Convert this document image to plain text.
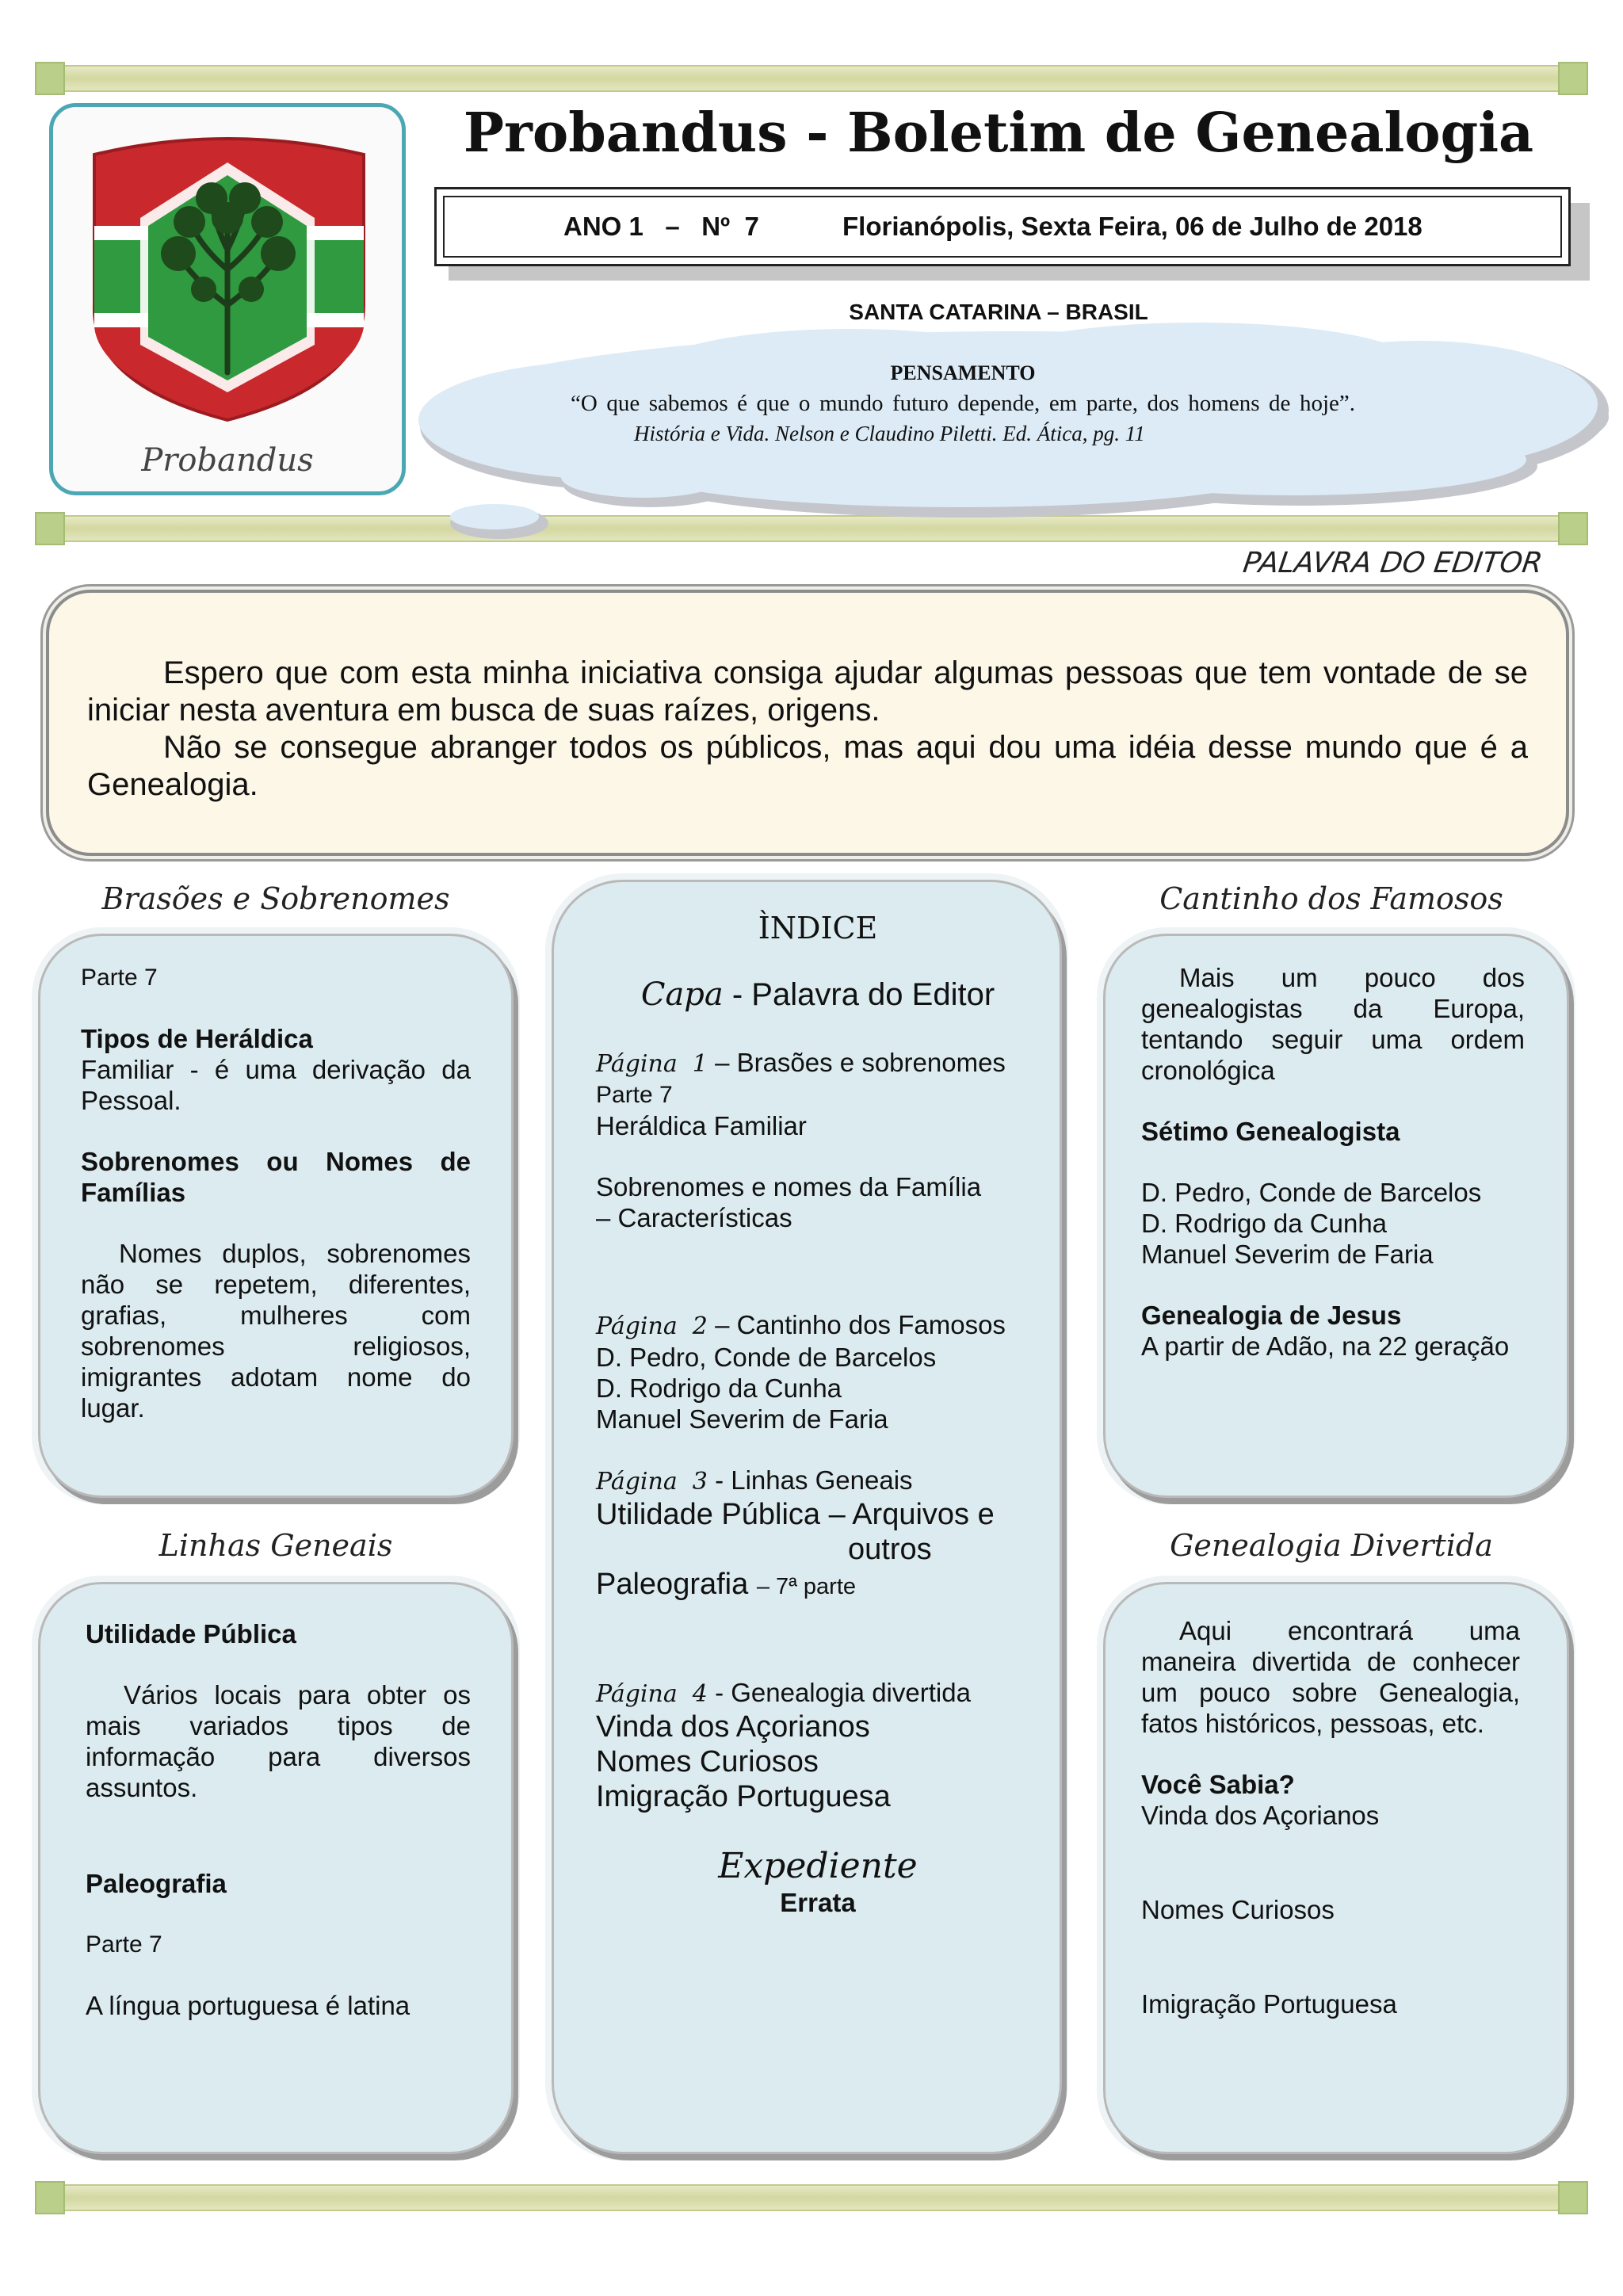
Probandus
Probandus - Boletim de Genealogia
ANO 1   –   Nº  7	Florianópolis, Sexta Feira, 06 de Julho de 2018
SANTA CATARINA – BRASIL
PENSAMENTO
“O que sabemos é que o mundo futuro depende, em parte, dos homens de hoje”. História e Vida. Nelson e Claudino Piletti. Ed. Ática, pg. 11
PALAVRA DO EDITOR

Espero que com esta minha iniciativa consiga ajudar algumas pessoas que tem vontade de se iniciar nesta aventura em busca de suas raízes, origens.

Não se consegue abranger todos os públicos, mas aqui dou uma idéia desse mundo que é a Genealogia.

Brasões e Sobrenomes	Cantinho dos Famosos
Linhas Geneais	Genealogia Divertida
Parte 7
Tipos de Heráldica
Familiar - é uma derivação da Pessoal.
Sobrenomes ou Nomes de Famílias
Nomes duplos, sobrenomes não se repetem, diferentes, grafias, mulheres com sobrenomes religiosos, imigrantes adotam nome do lugar.
Utilidade Pública
Vários locais para obter os mais variados tipos de informação para diversos assuntos.
Paleografia
Parte 7
A língua portuguesa é latina
ÌNDICE
Capa - Palavra do Editor
Página  1 – Brasões e sobrenomes
Parte 7
Heráldica Familiar
Sobrenomes e nomes da Família
– Características
Página  2 – Cantinho dos Famosos
D. Pedro, Conde de Barcelos
D. Rodrigo da Cunha
Manuel Severim de Faria
Página  3 - Linhas Geneais
Utilidade Pública – Arquivos e
outros
Paleografia – 7ª parte
Página  4 - Genealogia divertida
Vinda dos Açorianos
Nomes Curiosos
Imigração Portuguesa
Expediente
Errata
Mais um pouco dos genealogistas da Europa, tentando seguir uma ordem cronológica
Sétimo Genealogista
D. Pedro, Conde de Barcelos
D. Rodrigo da Cunha
Manuel Severim de Faria
Genealogia de Jesus
A partir de Adão, na 22 geração
Aqui encontrará uma maneira divertida de conhecer um pouco sobre Genealogia, fatos históricos, pessoas, etc.
Você Sabia?
Vinda dos Açorianos
Nomes Curiosos
Imigração Portuguesa
